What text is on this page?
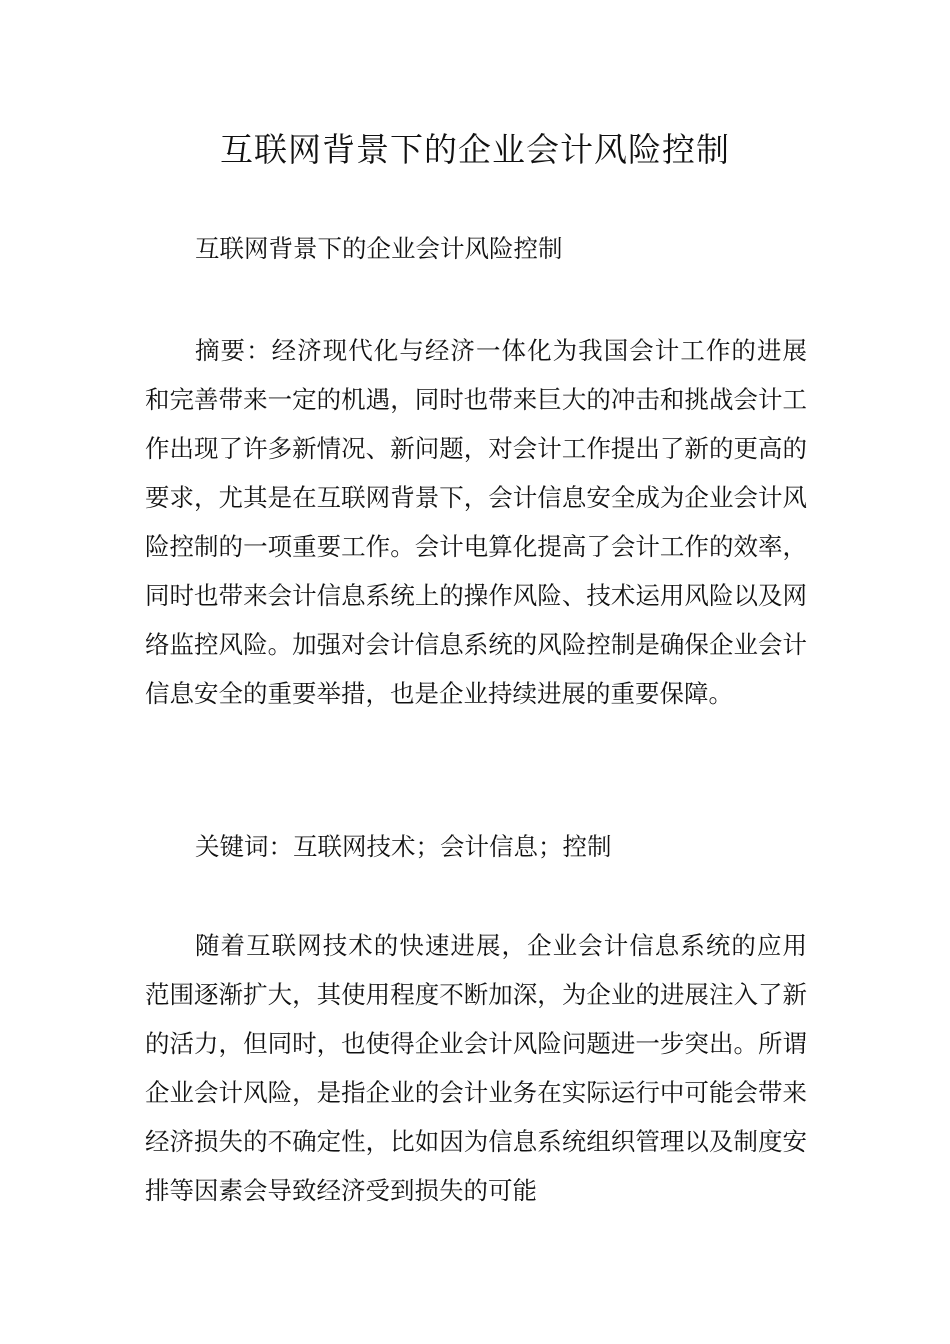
互联网背景下的企业会计风险控制

互联网背景下的企业会计风险控制

摘要：经济现代化与经济一体化为我国会计工作的进展和完善带来一定的机遇，同时也带来巨大的冲击和挑战会计工作出现了许多新情况、新问题，对会计工作提出了新的更高的要求，尤其是在互联网背景下，会计信息安全成为企业会计风险控制的一项重要工作。会计电算化提高了会计工作的效率，同时也带来会计信息系统上的操作风险、技术运用风险以及网络监控风险。加强对会计信息系统的风险控制是确保企业会计信息安全的重要举措，也是企业持续进展的重要保障。

关键词：互联网技术；会计信息；控制

随着互联网技术的快速进展，企业会计信息系统的应用范围逐渐扩大，其使用程度不断加深，为企业的进展注入了新的活力，但同时，也使得企业会计风险问题进一步突出。所谓企业会计风险，是指企业的会计业务在实际运行中可能会带来经济损失的不确定性，比如因为信息系统组织管理以及制度安排等因素会导致经济受到损失的可能
